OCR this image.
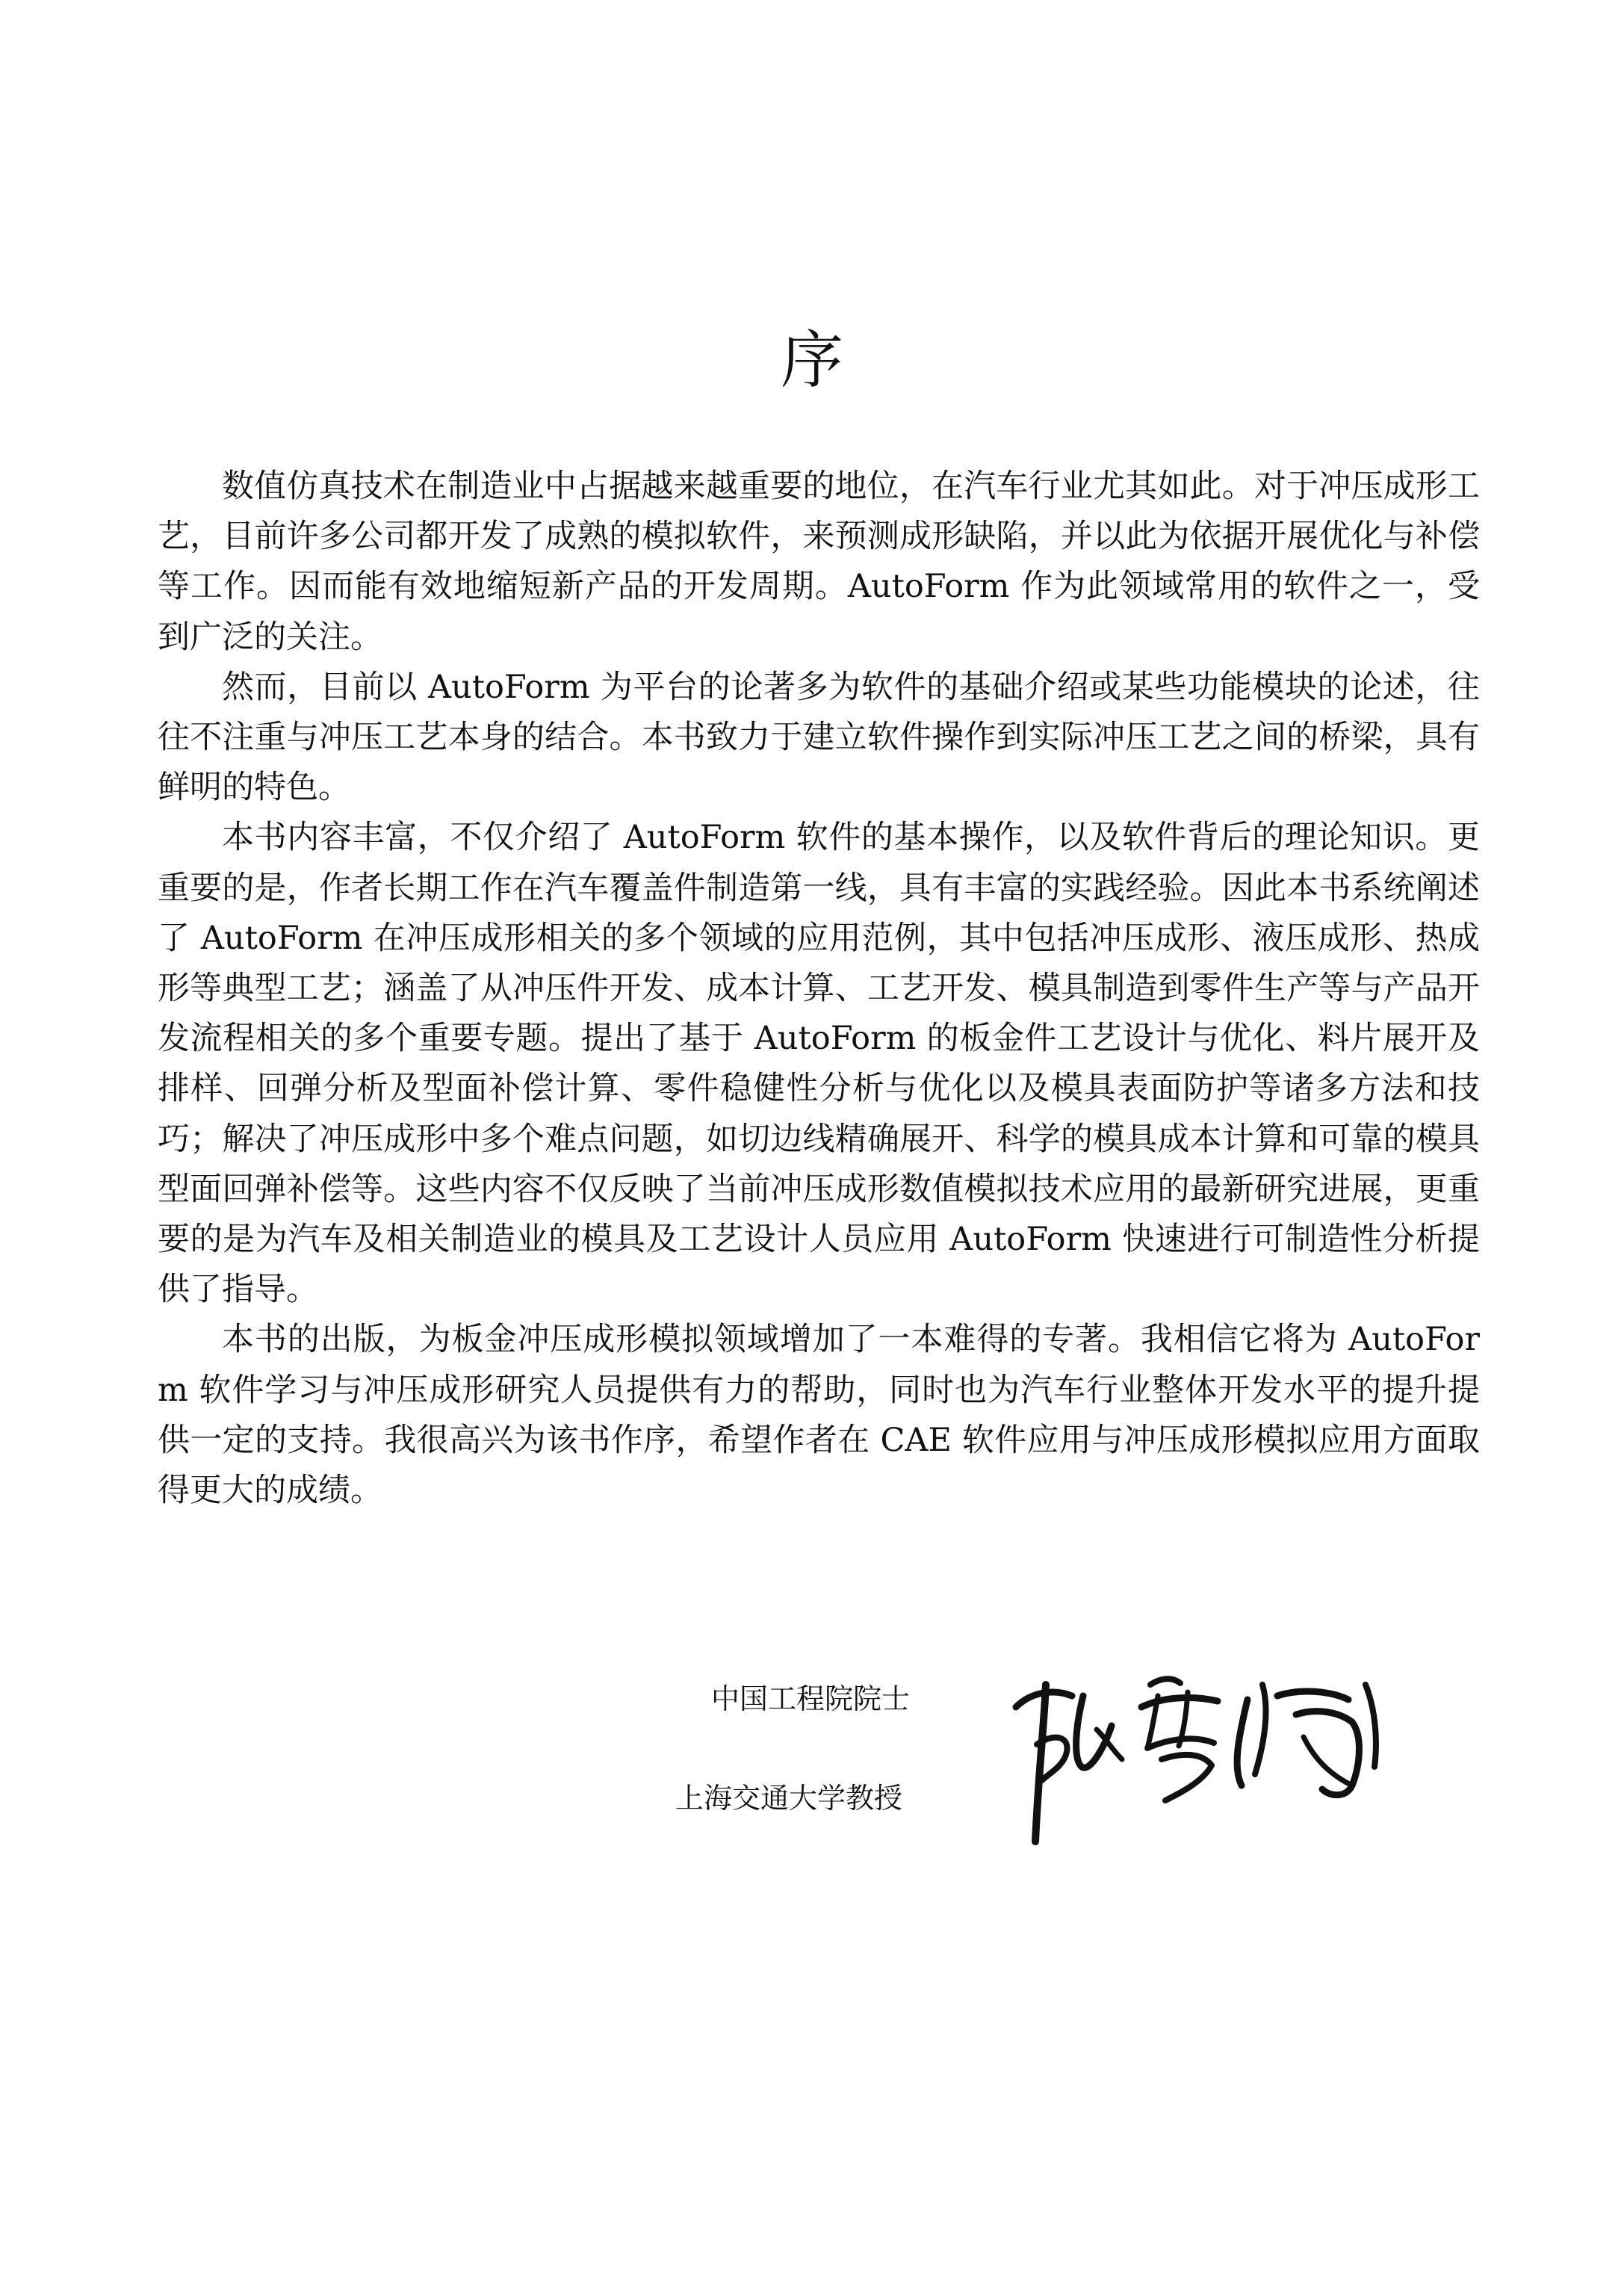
序

数值仿真技术在制造业中占据越来越重要的地位，在汽车行业尤其如此。对于冲压成形工艺，目前许多公司都开发了成熟的模拟软件，来预测成形缺陷，并以此为依据开展优化与补偿等工作。因而能有效地缩短新产品的开发周期。AutoForm 作为此领域常用的软件之一，受到广泛的关注。

然而，目前以 AutoForm 为平台的论著多为软件的基础介绍或某些功能模块的论述，往往不注重与冲压工艺本身的结合。本书致力于建立软件操作到实际冲压工艺之间的桥梁，具有鲜明的特色。

本书内容丰富，不仅介绍了 AutoForm 软件的基本操作，以及软件背后的理论知识。更重要的是，作者长期工作在汽车覆盖件制造第一线，具有丰富的实践经验。因此本书系统阐述了 AutoForm 在冲压成形相关的多个领域的应用范例，其中包括冲压成形、液压成形、热成形等典型工艺；涵盖了从冲压件开发、成本计算、工艺开发、模具制造到零件生产等与产品开发流程相关的多个重要专题。提出了基于 AutoForm 的板金件工艺设计与优化、料片展开及排样、回弹分析及型面补偿计算、零件稳健性分析与优化以及模具表面防护等诸多方法和技巧；解决了冲压成形中多个难点问题，如切边线精确展开、科学的模具成本计算和可靠的模具型面回弹补偿等。这些内容不仅反映了当前冲压成形数值模拟技术应用的最新研究进展，更重要的是为汽车及相关制造业的模具及工艺设计人员应用 AutoForm 快速进行可制造性分析提供了指导。

本书的出版，为板金冲压成形模拟领域增加了一本难得的专著。我相信它将为 AutoForm 软件学习与冲压成形研究人员提供有力的帮助，同时也为汽车行业整体开发水平的提升提供一定的支持。我很高兴为该书作序，希望作者在 CAE 软件应用与冲压成形模拟应用方面取得更大的成绩。

中国工程院院士
上海交通大学教授
